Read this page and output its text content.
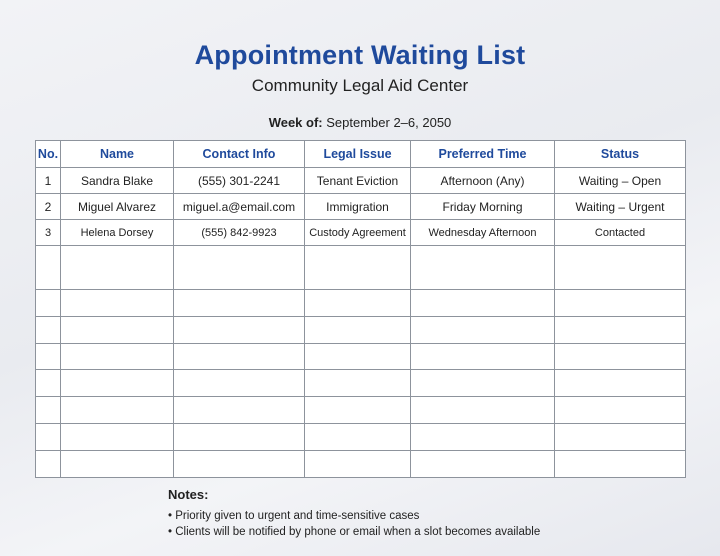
Appointment Waiting List
Community Legal Aid Center
Week of: September 2–6, 2050
No.	Name	Contact Info	Legal Issue	Preferred Time	Status
1	Sandra Blake	(555) 301-2241	Tenant Eviction	Afternoon (Any)	Waiting – Open
2	Miguel Alvarez	miguel.a@email.com	Immigration	Friday Morning	Waiting – Urgent
3	Helena Dorsey	(555) 842-9923	Custody Agreement	Wednesday Afternoon	Contacted

Notes:
• Priority given to urgent and time-sensitive cases
• Clients will be notified by phone or email when a slot becomes available
